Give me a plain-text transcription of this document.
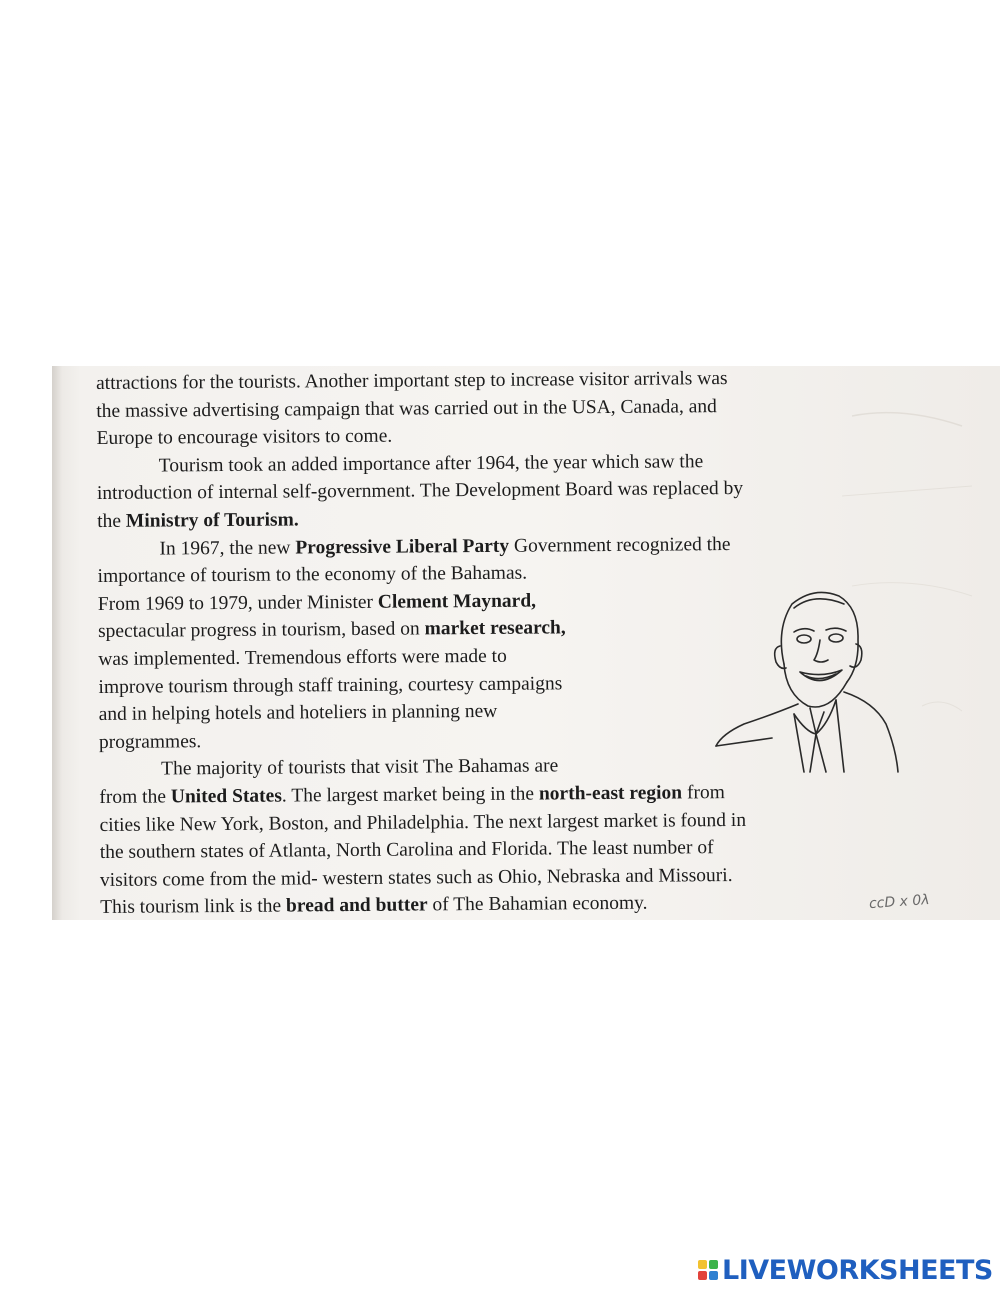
attractions for the tourists. Another important step to increase visitor arrivals was
the massive advertising campaign that was carried out in the USA, Canada, and
Europe to encourage visitors to come.
Tourism took an added importance after 1964, the year which saw the
introduction of internal self-government. The Development Board was replaced by
the Ministry of Tourism.
In 1967, the new Progressive Liberal Party Government recognized the
importance of tourism to the economy of the Bahamas.
From 1969 to 1979, under Minister Clement Maynard,
spectacular progress in tourism, based on market research,
was implemented. Tremendous efforts were made to
improve tourism through staff training, courtesy campaigns
and in helping hotels and hoteliers in planning new
programmes.
The majority of tourists that visit The Bahamas are
from the United States. The largest market being in the north-east region from
cities like New York, Boston, and Philadelphia. The next largest market is found in
the southern states of Atlanta, North Carolina and Florida. The least number of
visitors come from the mid- western states such as Ohio, Nebraska and Missouri.
This tourism link is the bread and butter of The Bahamian economy.	ccD x 0λ
LIVEWORKSHEETS
